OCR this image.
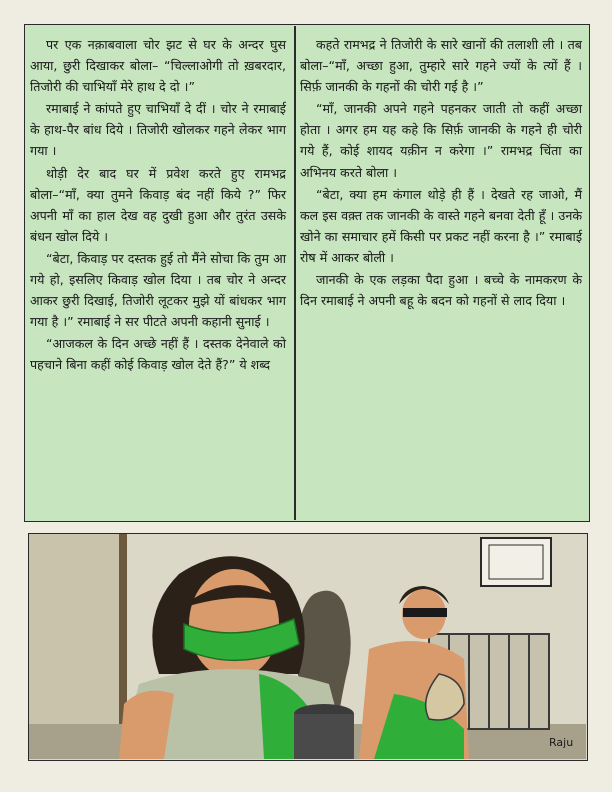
पर एक नक़ाबवाला चोर झट से घर के अन्दर घुस आया, छुरी दिखाकर बोला– “चिल्लाओगी तो ख़बरदार, तिजोरी की चाभियाँ मेरे हाथ दे दो ।”

रमाबाई ने कांपते हुए चाभियाँ दे दीं । चोर ने रमाबाई के हाथ-पैर बांध दिये । तिजोरी खोलकर गहने लेकर भाग गया ।

थोड़ी देर बाद घर में प्रवेश करते हुए रामभद्र बोला–“माँ, क्या तुमने किवाड़ बंद नहीं किये ?” फिर अपनी माँ का हाल देख वह दुखी हुआ और तुरंत उसके बंधन खोल दिये ।

“बेटा, किवाड़ पर दस्तक हुई तो मैंने सोचा कि तुम आ गये हो, इसलिए किवाड़ खोल दिया । तब चोर ने अन्दर आकर छुरी दिखाई, तिजोरी लूटकर मुझे यों बांधकर भाग गया है ।” रमाबाई ने सर पीटते अपनी कहानी सुनाई ।

“आजकल के दिन अच्छे नहीं हैं । दस्तक देनेवाले को पहचाने बिना कहीं कोई किवाड़ खोल देते हैं?” ये शब्द

कहते रामभद्र ने तिजोरी के सारे खानों की तलाशी ली । तब बोला–“माँ, अच्छा हुआ, तुम्हारे सारे गहने ज्यों के त्यों हैं । सिर्फ़ जानकी के गहनों की चोरी गई है ।”

“माँ, जानकी अपने गहने पहनकर जाती तो कहीं अच्छा होता । अगर हम यह कहे कि सिर्फ़ जानकी के गहने ही चोरी गये हैं, कोई शायद यक़ीन न करेगा ।” रामभद्र चिंता का अभिनय करते बोला ।

“बेटा, क्या हम कंगाल थोड़े ही हैं । देखते रह जाओ, मैं कल इस वक़्त तक जानकी के वास्ते गहने बनवा देती हूँ । उनके खोने का समाचार हमें किसी पर प्रकट नहीं करना है ।” रमाबाई रोष में आकर बोली ।

जानकी के एक लड़का पैदा हुआ । बच्चे के नामकरण के दिन रमाबाई ने अपनी बहू के बदन को गहनों से लाद दिया ।

Raju
